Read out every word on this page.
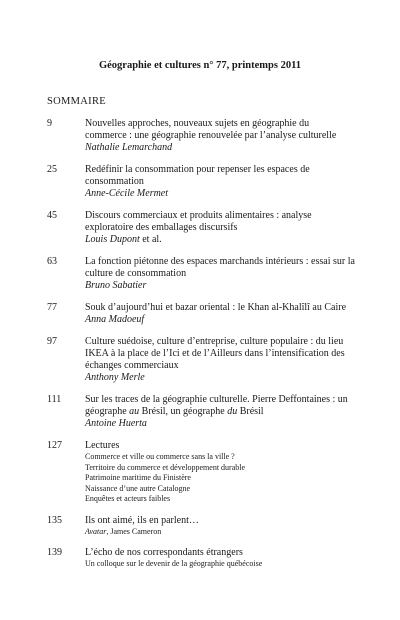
Géographie et cultures n° 77, printemps 2011
SOMMAIRE
9	Nouvelles approches, nouveaux sujets en géographie du
commerce : une géographie renouvelée par l’analyse culturelle
Nathalie Lemarchand
25	Redéfinir la consommation pour repenser les espaces de
consommation
Anne-Cécile Mermet
45	Discours commerciaux et produits alimentaires : analyse
exploratoire des emballages discursifs
Louis Dupont et al.
63	La fonction piétonne des espaces marchands intérieurs : essai sur la
culture de consommation
Bruno Sabatier
77	Souk d’aujourd’hui et bazar oriental : le Khan al-Khalîlî au Caire
Anna Madoeuf
97	Culture suédoise, culture d’entreprise, culture populaire : du lieu
IKEA à la place de l’Ici et de l’Ailleurs dans l’intensification des
échanges commerciaux
Anthony Merle
111	Sur les traces de la géographie culturelle. Pierre Deffontaines : un
géographe au Brésil, un géographe du Brésil
Antoine Huerta
127	Lectures
Commerce et ville ou commerce sans la ville ?
Territoire du commerce et développement durable
Patrimoine maritime du Finistère
Naissance d’une autre Catalogne
Enquêtes et acteurs faibles
135	Ils ont aimé, ils en parlent…
Avatar, James Cameron
139	L’écho de nos correspondants étrangers
Un colloque sur le devenir de la géographie québécoise
